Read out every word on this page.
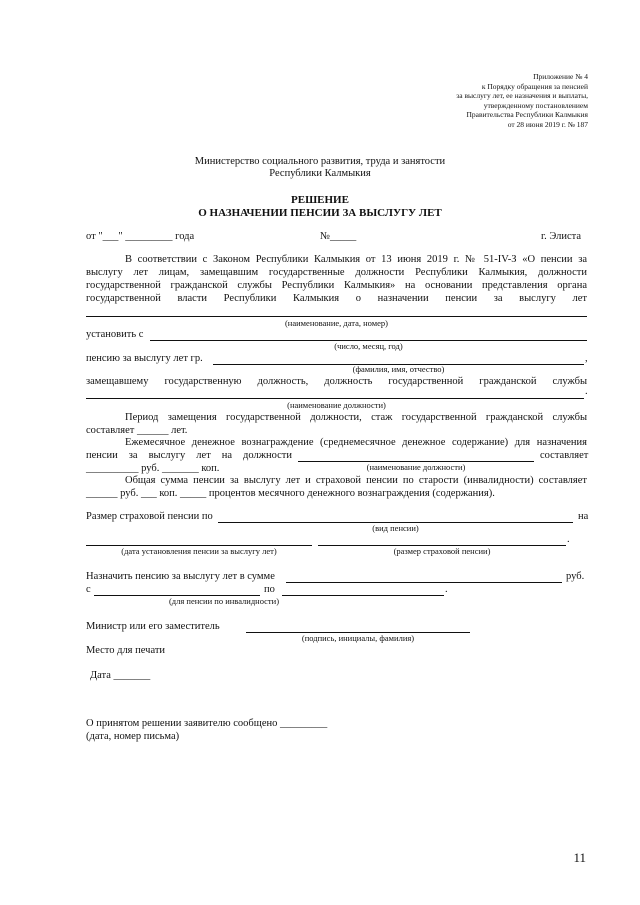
Приложение № 4
к Порядку обращения за пенсией
за выслугу лет, ее назначения и выплаты,
утвержденному постановлением
Правительства Республики Калмыкия
от 28 июня 2019 г. № 187
Министерство социального развития, труда и занятости
Республики Калмыкия
РЕШЕНИЕ
О НАЗНАЧЕНИИ ПЕНСИИ ЗА ВЫСЛУГУ ЛЕТ
от "___" _________ года	№_____	г. Элиста
В соответствии с Законом Республики Калмыкия от 13 июня 2019 г. № 51-IV-З «О пенсии за
выслугу лет лицам, замещавшим государственные должности Республики Калмыкия, должности
государственной гражданской службы Республики Калмыкия» на основании представления органа
государственной власти Республики Калмыкия о назначении пенсии за выслугу лет
(наименование, дата, номер)
установить с
(число, месяц, год)
пенсию за выслугу лет гр.	,
(фамилия, имя, отчество)
замещавшему государственную должность, должность государственной гражданской службы
.
(наименование должности)
Период замещения государственной должности, стаж государственной гражданской службы
составляет ______ лет.
Ежемесячное денежное вознаграждение (среднемесячное денежное содержание) для назначения
пенсии за выслугу лет на должности	составляет
__________ руб. _______ коп.	(наименование должности)
Общая сумма пенсии за выслугу лет и страховой пенсии по старости (инвалидности) составляет
______ руб. ___ коп. _____ процентов месячного денежного вознаграждения (содержания).
Размер страховой пенсии по	на
(вид пенсии)
.
(дата установления пенсии за выслугу лет)	(размер страховой пенсии)
Назначить пенсию за выслугу лет в сумме	руб.
с	по	.
(для пенсии по инвалидности)
Министр или его заместитель
(подпись, инициалы, фамилия)
Место для печати
Дата _______
О принятом решении заявителю сообщено _________
(дата, номер письма)
11
